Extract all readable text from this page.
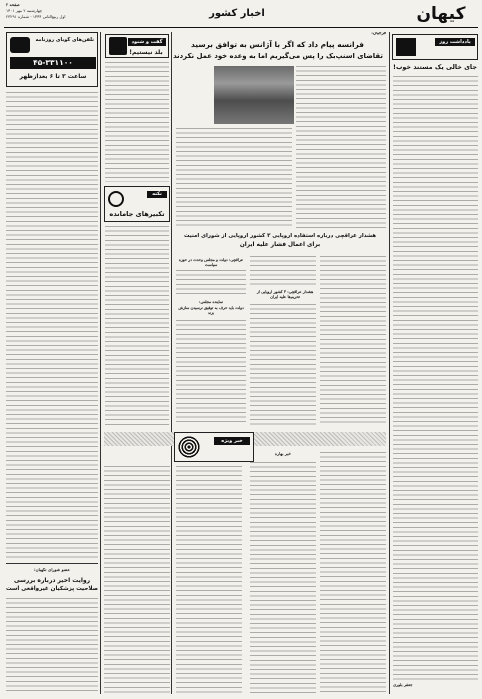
کیهان
اخبار کشور
صفحه ۲
چهارشنبه ۲ مهر ۱۴۰۱
اول ربیع‌الثانی ۱۴۴۴ - شماره ۲۳۲۹۱
تلفن‌های گویای روزنامه
۴۵-۳۳۱۱۰۰
ساعت ۳ تا ۶ بعدازظهر
عضو شورای نگهبان:
روایت اخیر درباره بررسی
صلاحیت پزشکیان غیرواقعی است
گفت و شنود
بلد نیستیم!
فرجیان:
فرانسه پیام داد که اگر با آژانس به توافق برسید
تقاضای اسنپ‌بک را پس می‌گیریم اما به وعده خود عمل نکردند
هشدار عراقچی درباره استفاده اروپایی ۳ کشور اروپایی از شورای امنیت
برای اعمال فشار علیه ایران
عراقچی: دولت و مجلس وحدت در حوزه سیاست
نماینده مجلس:
دولت باید حرف به توفیق نرسیدن سازش بزند
هشدار عراقچی: ۳ کشور اروپایی از تحریم‌ها علیه ایران
نکته
تکبیرهای جامانده
یادداشت روز
جای خالی یک مستند خوب!
جعفر بلوری
خبر ویژه
خبر بهاره
